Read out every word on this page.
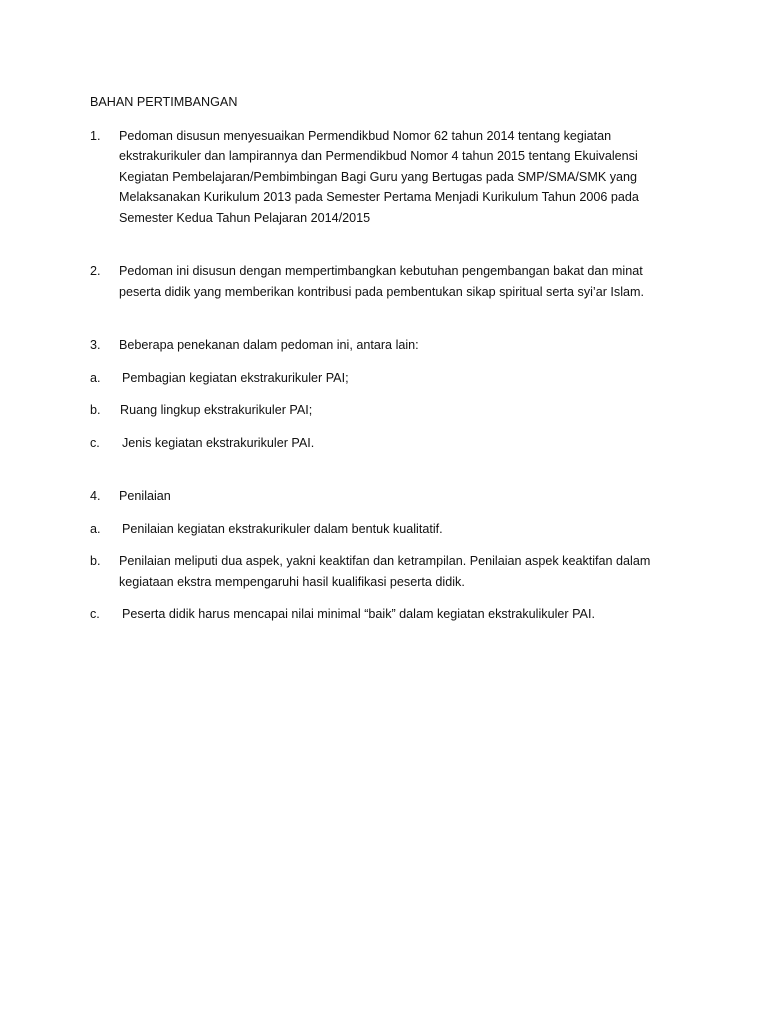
BAHAN PERTIMBANGAN
1.	Pedoman disusun menyesuaikan Permendikbud Nomor 62 tahun 2014 tentang kegiatan ekstrakurikuler dan lampirannya dan Permendikbud Nomor 4 tahun 2015 tentang Ekuivalensi Kegiatan Pembelajaran/Pembimbingan Bagi Guru yang Bertugas pada SMP/SMA/SMK yang Melaksanakan Kurikulum 2013 pada Semester Pertama Menjadi Kurikulum Tahun 2006 pada Semester Kedua Tahun Pelajaran 2014/2015
2.	Pedoman ini disusun dengan mempertimbangkan kebutuhan pengembangan bakat dan minat peserta didik yang memberikan kontribusi pada pembentukan sikap spiritual serta syi’ar Islam.
3.	Beberapa penekanan dalam pedoman ini, antara lain:
a.	Pembagian kegiatan ekstrakurikuler PAI;
b.	Ruang lingkup ekstrakurikuler PAI;
c.	Jenis kegiatan ekstrakurikuler PAI.
4.	Penilaian
a.	Penilaian kegiatan ekstrakurikuler dalam bentuk kualitatif.
b.	Penilaian meliputi dua aspek, yakni keaktifan dan ketrampilan. Penilaian aspek keaktifan dalam kegiataan ekstra mempengaruhi hasil kualifikasi peserta didik.
c.	Peserta didik harus mencapai nilai minimal “baik” dalam kegiatan ekstrakulikuler PAI.
